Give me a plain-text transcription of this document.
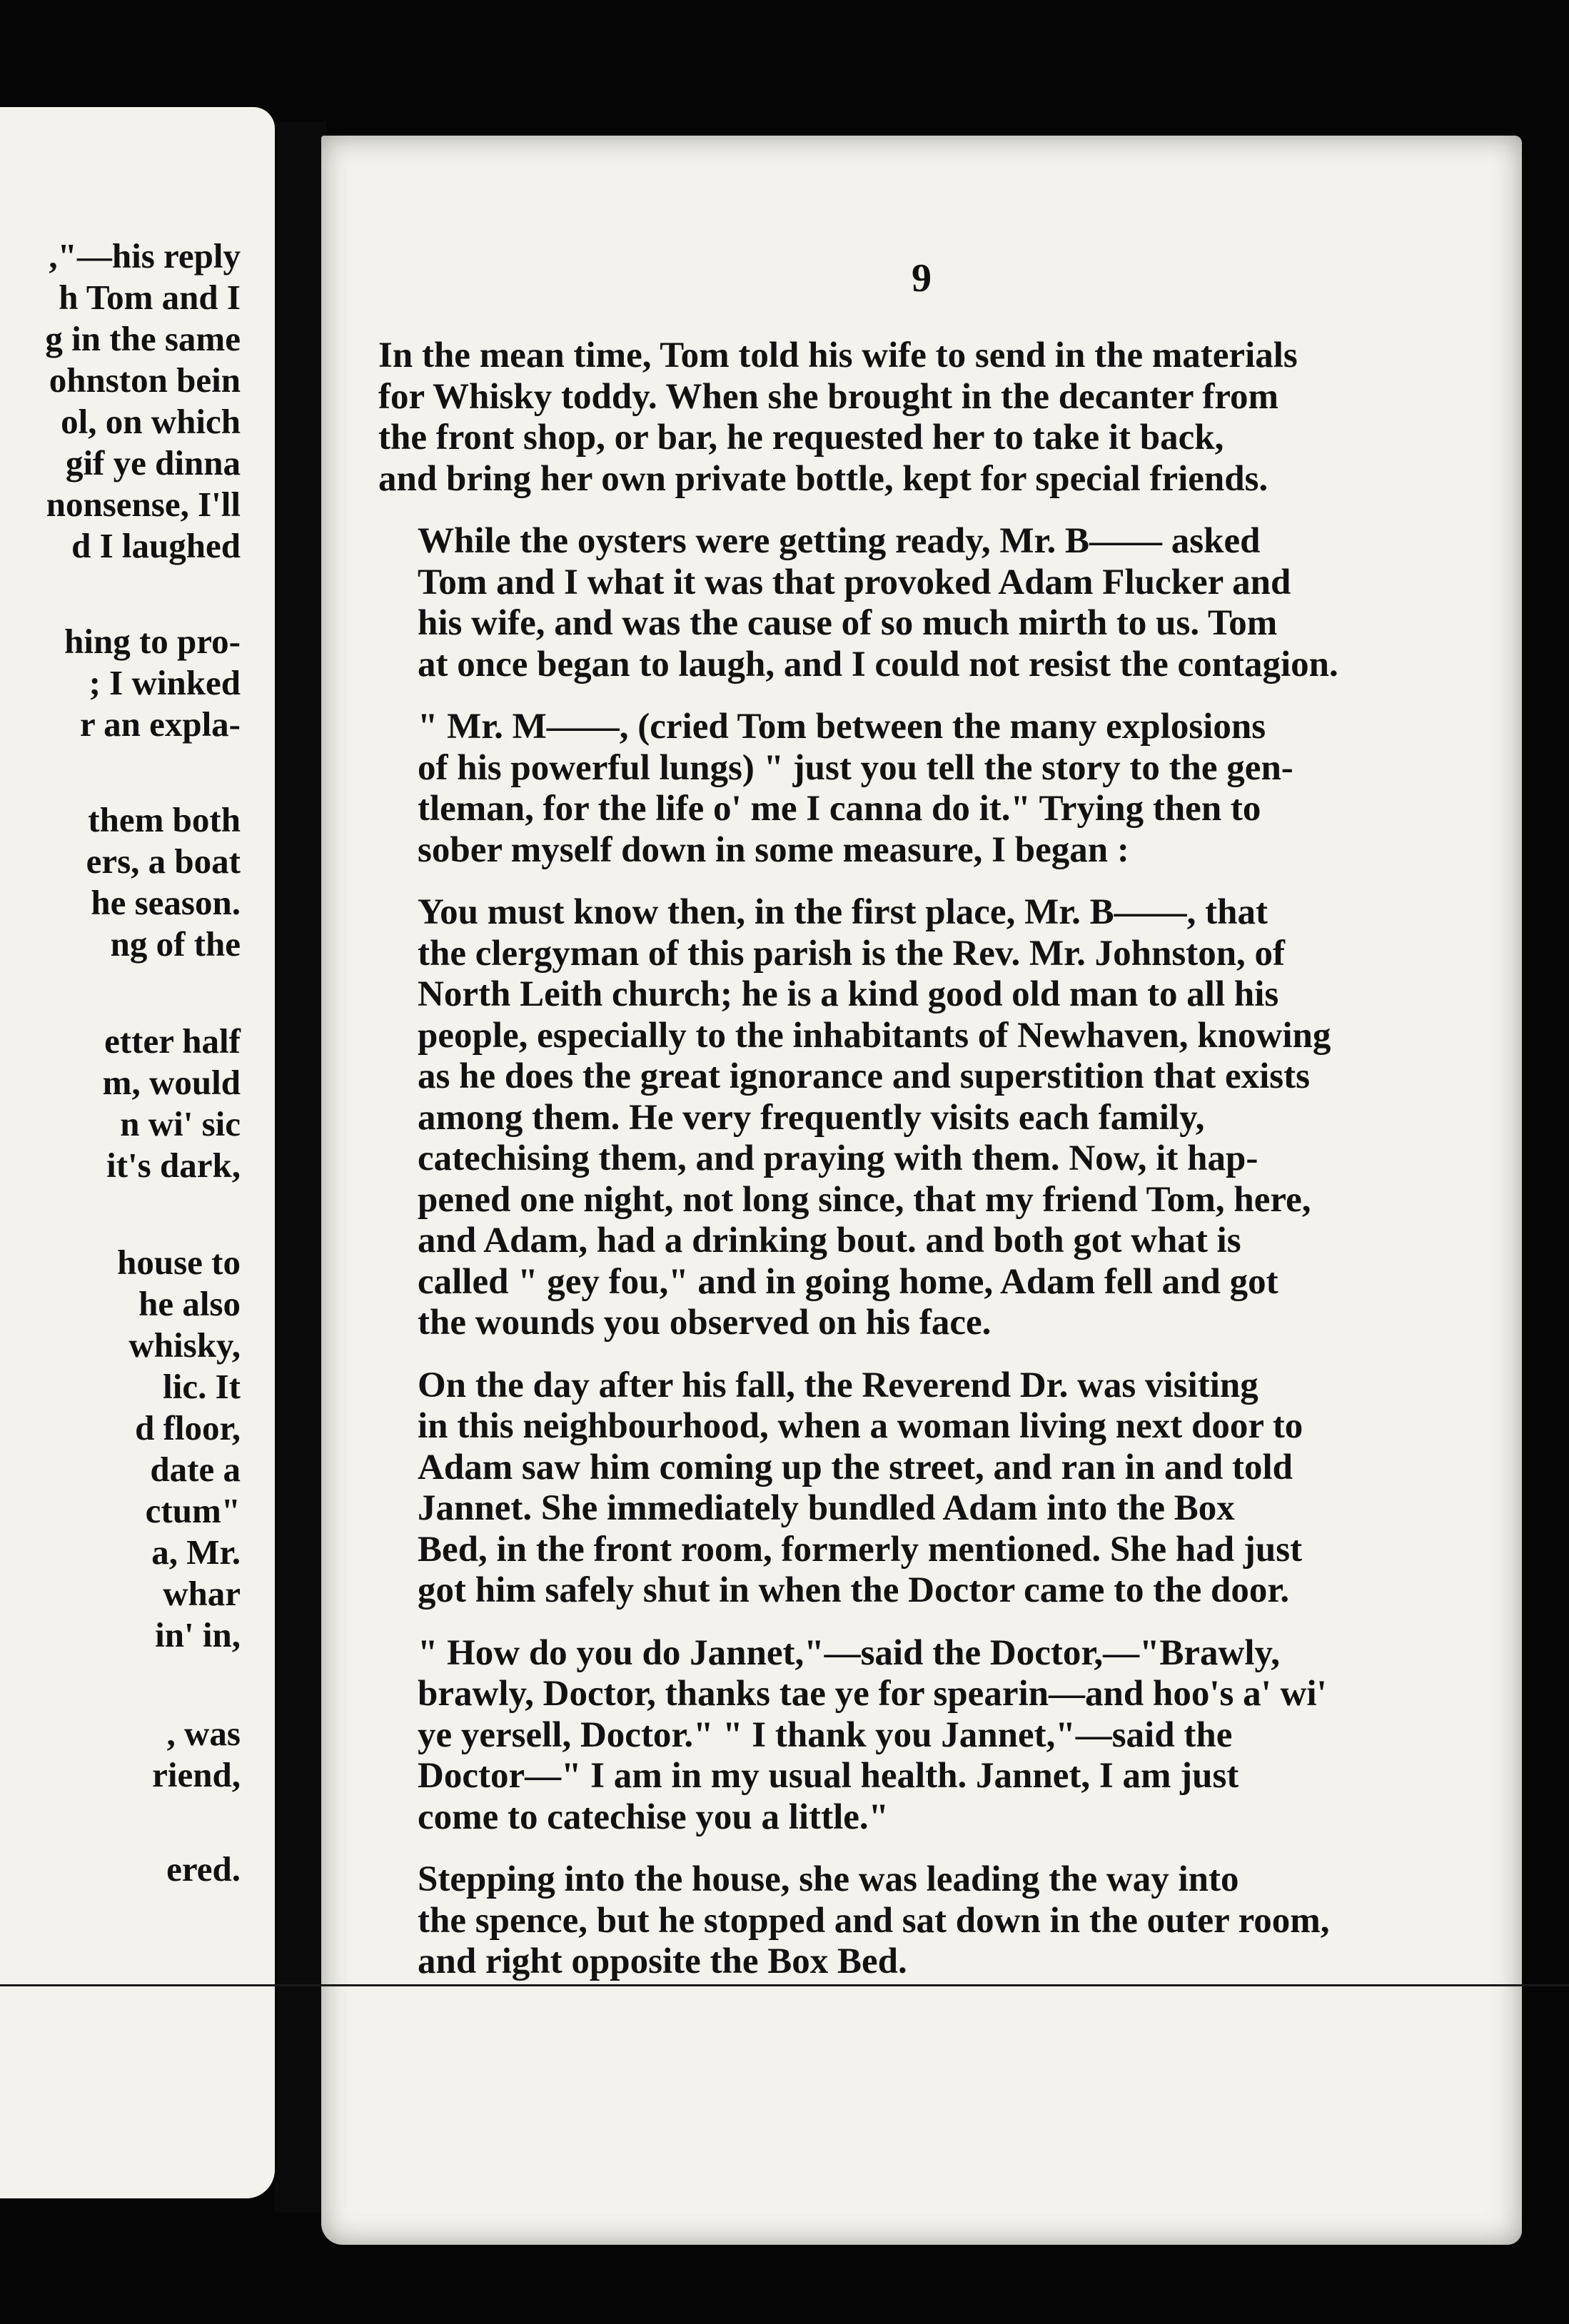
,"—his reply
h Tom and I
g in the same
ohnston bein
ol, on which
gif ye dinna
nonsense, I'll
d I laughed
hing to pro-
; I winked
r an expla-
them both
ers, a boat
he season.
ng of the
etter half
m, would
n wi' sic
it's dark,
house to
he also
whisky,
lic. It
d floor,
date a
ctum"
a, Mr.
whar
in' in,
, was
riend,
ered.
9
In the mean time, Tom told his wife to send in the materials
for Whisky toddy. When she brought in the decanter from
the front shop, or bar, he requested her to take it back,
and bring her own private bottle, kept for special friends.
While the oysters were getting ready, Mr. B—— asked
Tom and I what it was that provoked Adam Flucker and
his wife, and was the cause of so much mirth to us. Tom
at once began to laugh, and I could not resist the contagion.
" Mr. M——, (cried Tom between the many explosions
of his powerful lungs) " just you tell the story to the gen-
tleman, for the life o' me I canna do it." Trying then to
sober myself down in some measure, I began :
You must know then, in the first place, Mr. B——, that
the clergyman of this parish is the Rev. Mr. Johnston, of
North Leith church; he is a kind good old man to all his
people, especially to the inhabitants of Newhaven, knowing
as he does the great ignorance and superstition that exists
among them. He very frequently visits each family,
catechising them, and praying with them. Now, it hap-
pened one night, not long since, that my friend Tom, here,
and Adam, had a drinking bout. and both got what is
called " gey fou," and in going home, Adam fell and got
the wounds you observed on his face.
On the day after his fall, the Reverend Dr. was visiting
in this neighbourhood, when a woman living next door to
Adam saw him coming up the street, and ran in and told
Jannet. She immediately bundled Adam into the Box
Bed, in the front room, formerly mentioned. She had just
got him safely shut in when the Doctor came to the door.
" How do you do Jannet,"—said the Doctor,—"Brawly,
brawly, Doctor, thanks tae ye for spearin—and hoo's a' wi'
ye yersell, Doctor." " I thank you Jannet,"—said the
Doctor—" I am in my usual health. Jannet, I am just
come to catechise you a little."
Stepping into the house, she was leading the way into
the spence, but he stopped and sat down in the outer room,
and right opposite the Box Bed.
